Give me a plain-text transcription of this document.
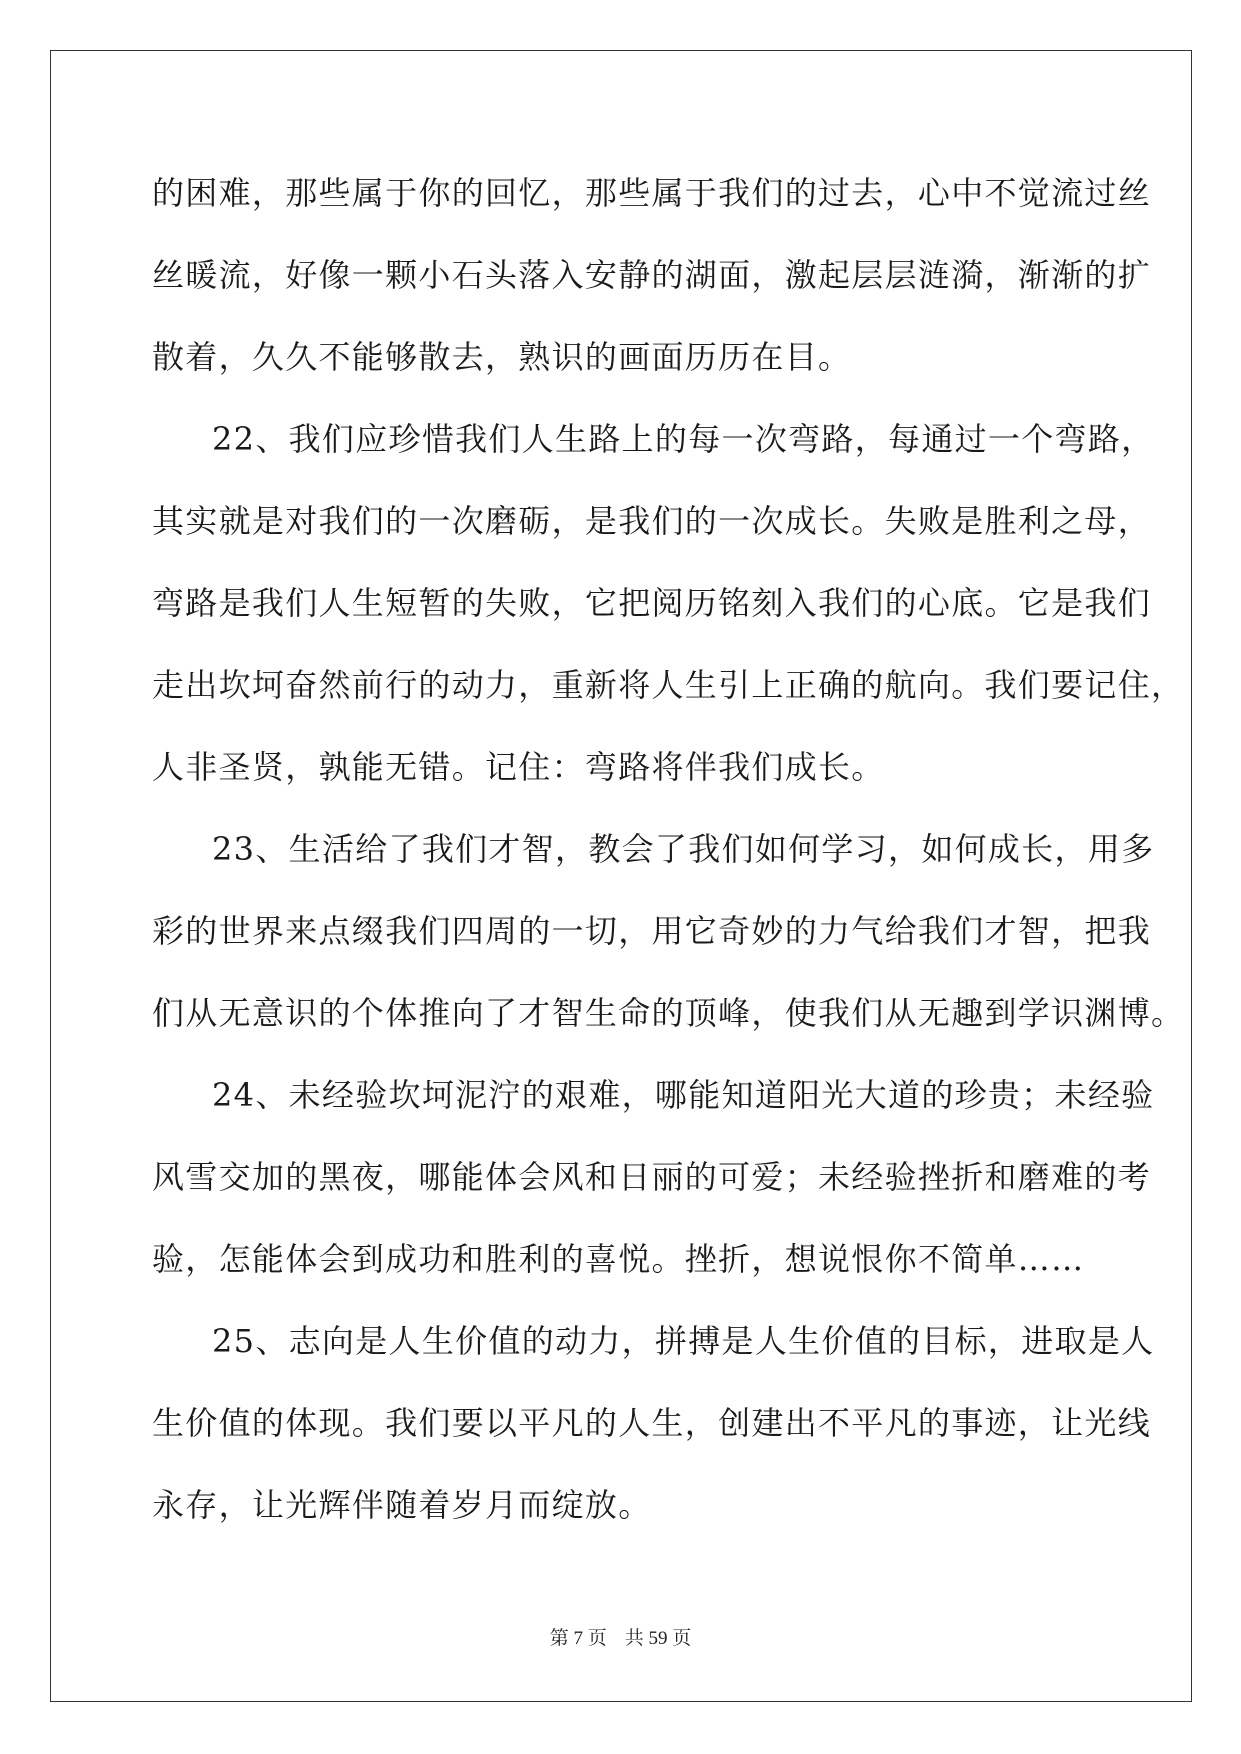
的困难，那些属于你的回忆，那些属于我们的过去，心中不觉流过丝

丝暖流，好像一颗小石头落入安静的湖面，激起层层涟漪，渐渐的扩

散着，久久不能够散去，熟识的画面历历在目。

22、我们应珍惜我们人生路上的每一次弯路，每通过一个弯路，

其实就是对我们的一次磨砺，是我们的一次成长。失败是胜利之母，

弯路是我们人生短暂的失败，它把阅历铭刻入我们的心底。它是我们

走出坎坷奋然前行的动力，重新将人生引上正确的航向。我们要记住，

人非圣贤，孰能无错。记住：弯路将伴我们成长。

23、生活给了我们才智，教会了我们如何学习，如何成长，用多

彩的世界来点缀我们四周的一切，用它奇妙的力气给我们才智，把我

们从无意识的个体推向了才智生命的顶峰，使我们从无趣到学识渊博。

24、未经验坎坷泥泞的艰难，哪能知道阳光大道的珍贵；未经验

风雪交加的黑夜，哪能体会风和日丽的可爱；未经验挫折和磨难的考

验，怎能体会到成功和胜利的喜悦。挫折，想说恨你不简单……

25、志向是人生价值的动力，拼搏是人生价值的目标，进取是人

生价值的体现。我们要以平凡的人生，创建出不平凡的事迹，让光线

永存，让光辉伴随着岁月而绽放。

第 7 页 共 59 页
